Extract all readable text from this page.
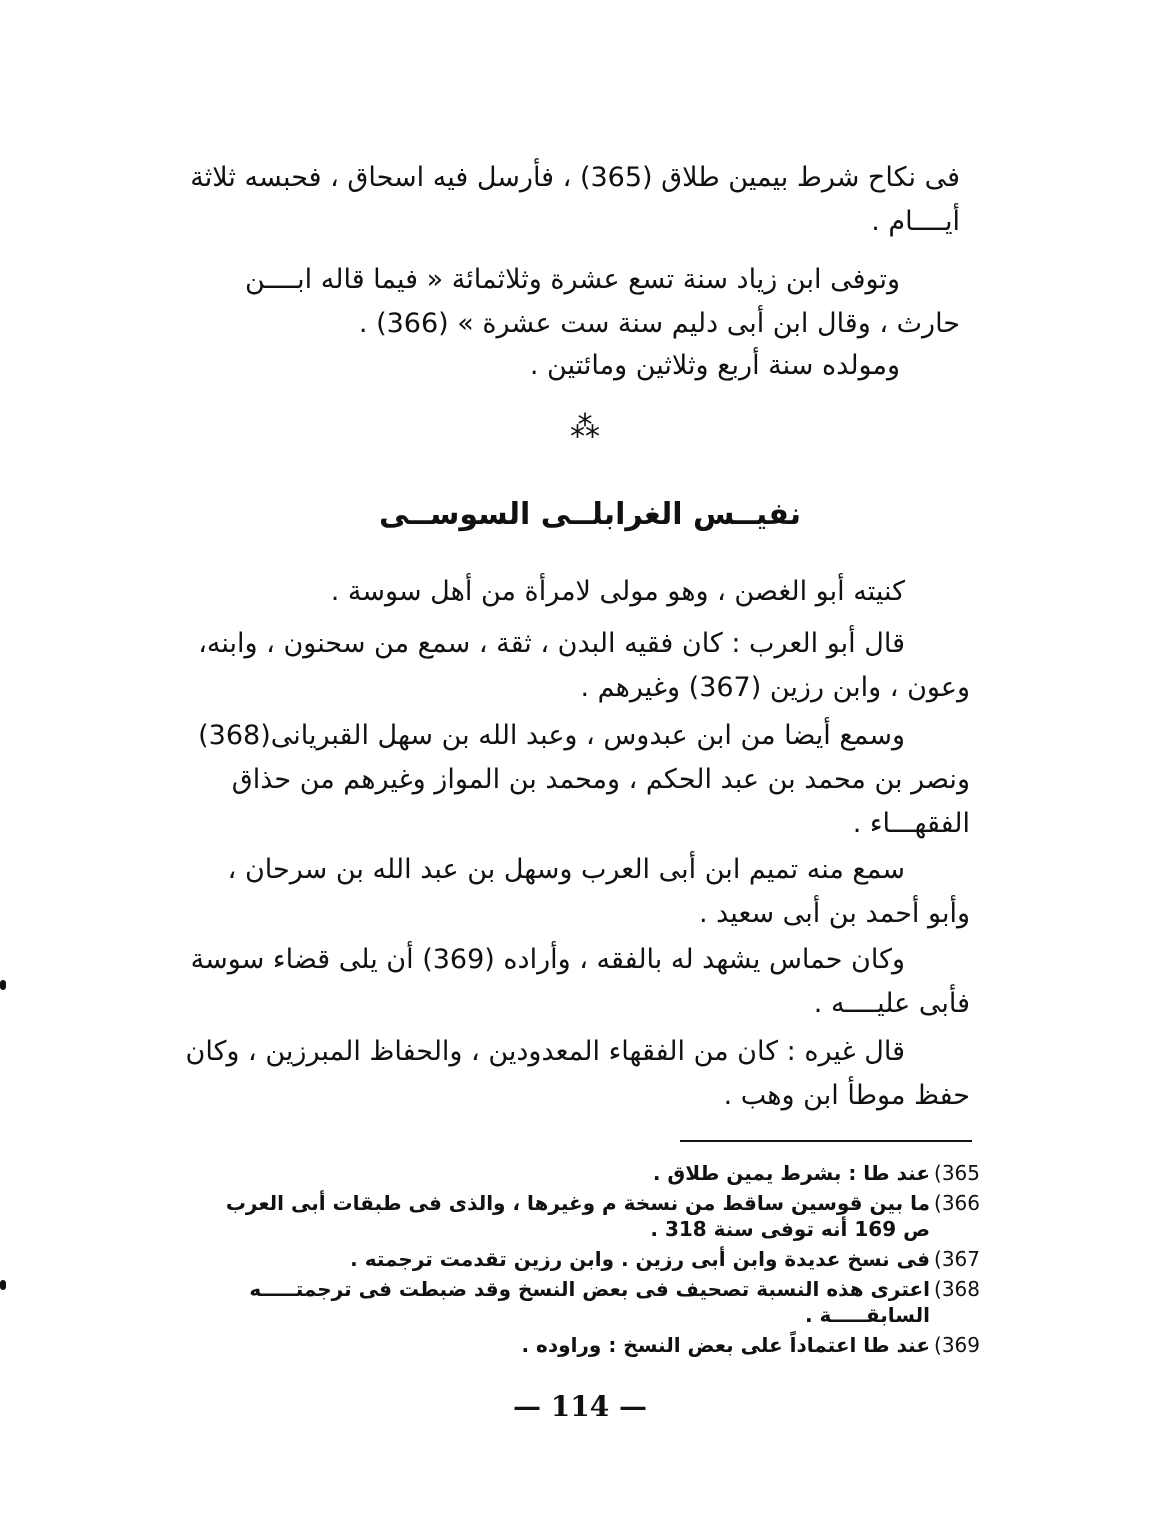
فى نكاح شرط بيمين طلاق (365) ، فأرسل فيه اسحاق ، فحبسه ثلاثة
أيــــام .
وتوفى ابن زياد سنة تسع عشرة وثلاثمائة « فيما قاله ابــــن
حارث ، وقال ابن أبى دليم سنة ست عشرة » (366) .
ومولده سنة أربع وثلاثين ومائتين .
⁂
نفيــس الغرابلــى السوســى
كنيته أبو الغصن ، وهو مولى لامرأة من أهل سوسة .
قال أبو العرب : كان فقيه البدن ، ثقة ، سمع من سحنون ، وابنه،
وعون ، وابن رزين (367) وغيرهم .
وسمع أيضا من ابن عبدوس ، وعبد الله بن سهل القبريانى(368)
ونصر بن محمد بن عبد الحكم ، ومحمد بن المواز وغيرهم من حذاق
الفقهـــاء .
سمع منه تميم ابن أبى العرب وسهل بن عبد الله بن سرحان ،
وأبو أحمد بن أبى سعيد .
وكان حماس يشهد له بالفقه ، وأراده (369) أن يلى قضاء سوسة
فأبى عليــــه .
قال غيره : كان من الفقهاء المعدودين ، والحفاظ المبرزين ، وكان
حفظ موطأ ابن وهب .
365)
عند طا : بشرط يمين طلاق .
366)
ما بين قوسين ساقط من نسخة م وغيرها ، والذى فى طبقات أبى العرب
ص 169 أنه توفى سنة 318 .
367)
فى نسخ عديدة وابن أبى رزين . وابن رزين تقدمت ترجمته .
368)
اعترى هذه النسبة تصحيف فى بعض النسخ وقد ضبطت فى ترجمتـــــه
السابقـــــة .
369)
عند طا اعتماداً على بعض النسخ : وراوده .
— 114 —
